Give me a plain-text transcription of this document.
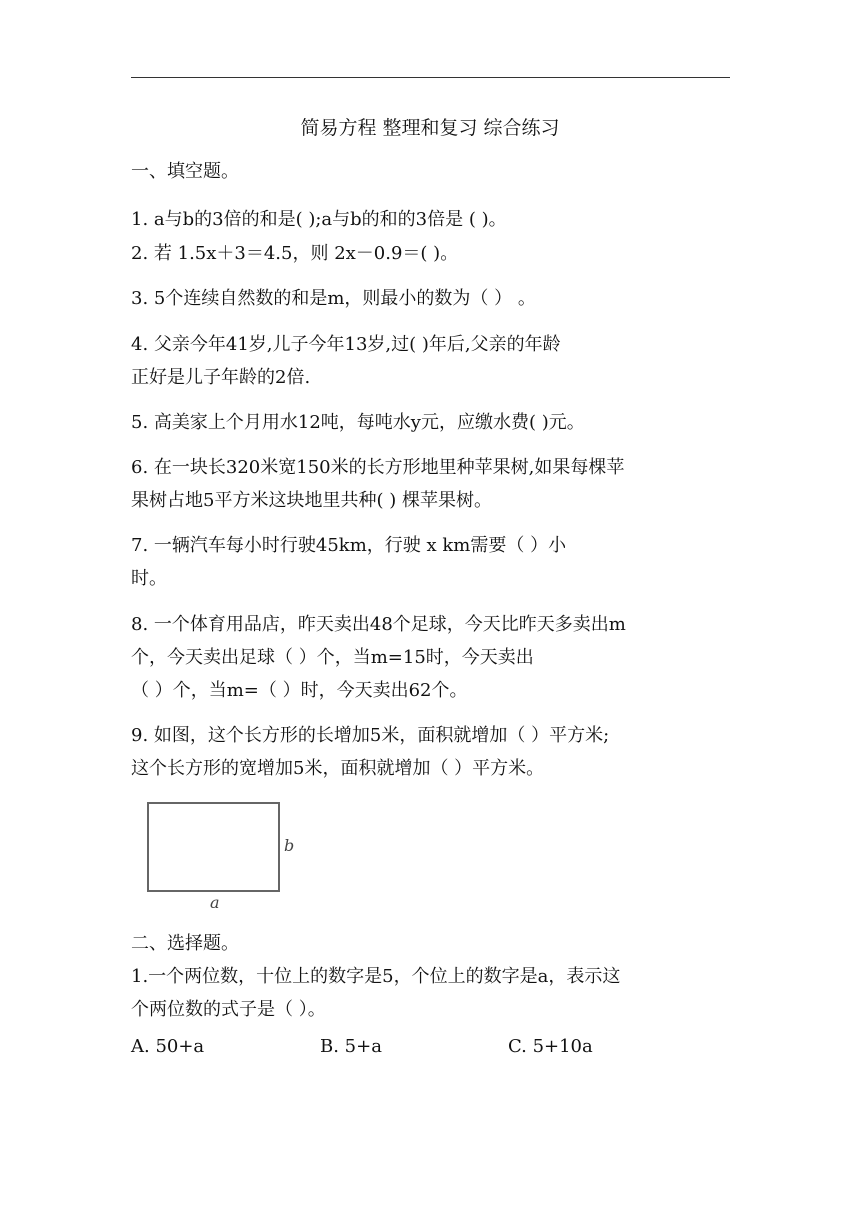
简易方程 整理和复习 综合练习
一、填空题。
1. a与b的3倍的和是( );a与b的和的3倍是 ( )。
2. 若 1.5x＋3＝4.5，则 2x－0.9＝( )。
3. 5个连续自然数的和是m，则最小的数为（ ） 。
4. 父亲今年41岁,儿子今年13岁,过( )年后,父亲的年龄
正好是儿子年龄的2倍.
5. 高美家上个月用水12吨，每吨水y元，应缴水费( )元。
6. 在一块长320米宽150米的长方形地里种苹果树,如果每棵苹
果树占地5平方米这块地里共种( ) 棵苹果树。
7. 一辆汽车每小时行驶45km，行驶 x km需要（ ）小
时。
8. 一个体育用品店，昨天卖出48个足球，今天比昨天多卖出m
个，今天卖出足球（ ）个，当m=15时，今天卖出
（ ）个，当m=（ ）时，今天卖出62个。
9. 如图，这个长方形的长增加5米，面积就增加（ ）平方米;
这个长方形的宽增加5米，面积就增加（ ）平方米。
b
a
二、选择题。
1.一个两位数，十位上的数字是5，个位上的数字是a，表示这
个两位数的式子是（ ）。
A. 50+a	B. 5+a	C. 5+10a
